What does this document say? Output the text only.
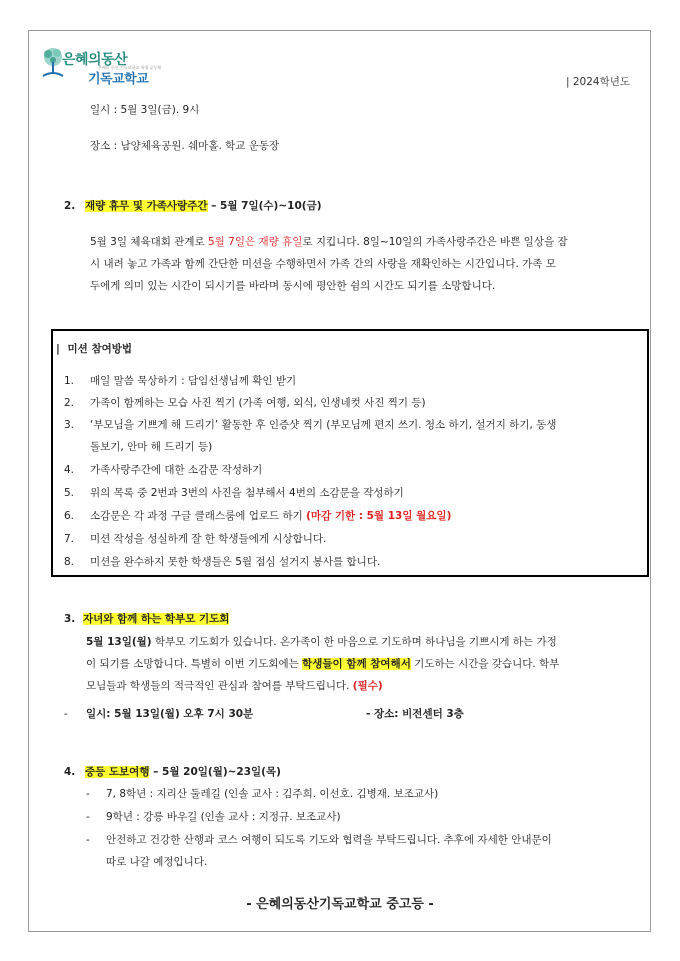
은혜의동산
은혜의 동산 기독교학교 학생 공동체
기독교학교	| 2024학년도
일시 : 5월 3일(금). 9시
장소 : 남양체육공원. 쉐마홀. 학교 운동장
2. 재량 휴무 및 가족사랑주간 – 5월 7일(수)~10(금)
5월 3일 체육대회 관계로 5월 7일은 재량 휴일로 지킵니다. 8일~10일의 가족사랑주간은 바쁜 일상을 잠
시 내려 놓고 가족과 함께 간단한 미션을 수행하면서 가족 간의 사랑을 재확인하는 시간입니다. 가족 모
두에게 의미 있는 시간이 되시기를 바라며 동시에 평안한 쉼의 시간도 되기를 소망합니다.
| 미션 참여방법
1. 매일 말씀 묵상하기 : 담임선생님께 확인 받기
2. 가족이 함께하는 모습 사진 찍기 (가족 여행, 외식, 인생네컷 사진 찍기 등)
3. ‘부모님을 기쁘게 해 드리기’ 활동한 후 인증샷 찍기 (부모님께 편지 쓰기. 청소 하기, 설거지 하기, 동생
돌보기, 안마 해 드리기 등)
4. 가족사랑주간에 대한 소감문 작성하기
5. 위의 목록 중 2번과 3번의 사진을 첨부해서 4번의 소감문을 작성하기
6. 소감문은 각 과정 구글 클래스룸에 업로드 하기 (마감 기한 : 5월 13일 월요일)
7. 미션 작성을 성실하게 잘 한 학생들에게 시상합니다.
8. 미션을 완수하지 못한 학생들은 5월 점심 설거지 봉사를 합니다.
3. 자녀와 함께 하는 학부모 기도회
5월 13일(월) 학부모 기도회가 있습니다. 온가족이 한 마음으로 기도하며 하나님을 기쁘시게 하는 가정
이 되기를 소망합니다. 특별히 이번 기도회에는 학생들이 함께 참여해서 기도하는 시간을 갖습니다. 학부
모님들과 학생들의 적극적인 관심과 참여를 부탁드립니다. (필수)
- 일시: 5월 13일(월) 오후 7시 30분	- 장소: 비전센터 3층
4. 중등 도보여행 – 5월 20일(월)~23일(목)
- 7, 8학년 : 지리산 둘레길 (인솔 교사 : 김주희. 이선호. 김병재. 보조교사)
- 9학년 : 강릉 바우길 (인솔 교사 : 지정규. 보조교사)
- 안전하고 건강한 산행과 코스 여행이 되도록 기도와 협력을 부탁드립니다. 추후에 자세한 안내문이
따로 나갈 예정입니다.
- 은혜의동산기독교학교 중고등 -
